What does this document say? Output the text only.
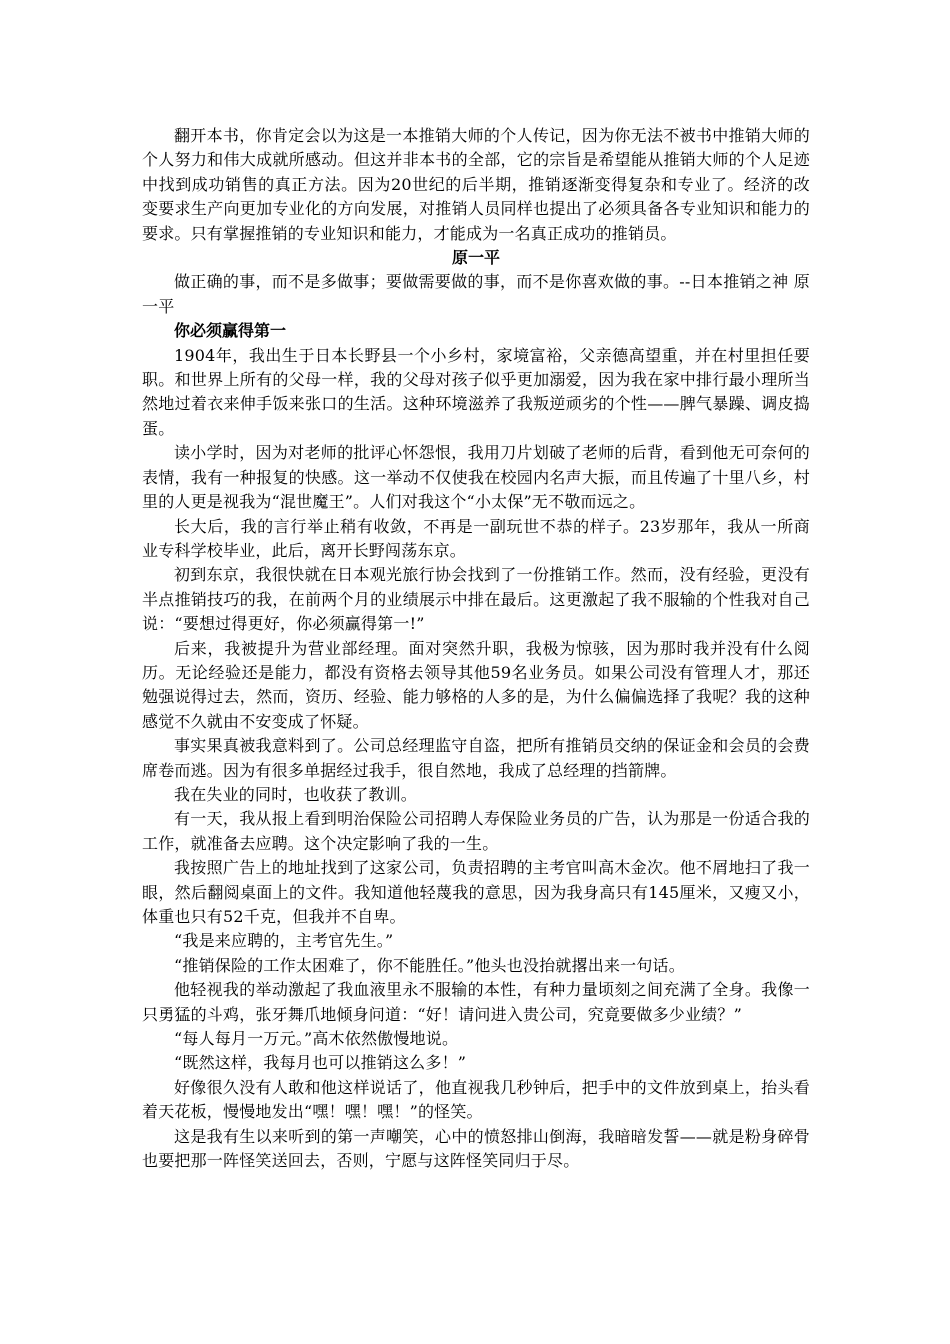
翻开本书，你肯定会以为这是一本推销大师的个人传记，因为你无法不被书中推销大师的个人努力和伟大成就所感动。但这并非本书的全部，它的宗旨是希望能从推销大师的个人足迹中找到成功销售的真正方法。因为20世纪的后半期，推销逐渐变得复杂和专业了。经济的改变要求生产向更加专业化的方向发展，对推销人员同样也提出了必须具备各专业知识和能力的要求。只有掌握推销的专业知识和能力，才能成为一名真正成功的推销员。

原一平

做正确的事，而不是多做事；要做需要做的事，而不是你喜欢做的事。--日本推销之神 原一平

你必须赢得第一

1904年，我出生于日本长野县一个小乡村，家境富裕，父亲德高望重，并在村里担任要职。和世界上所有的父母一样，我的父母对孩子似乎更加溺爱，因为我在家中排行最小理所当然地过着衣来伸手饭来张口的生活。这种环境滋养了我叛逆顽劣的个性——脾气暴躁、调皮捣蛋。

读小学时，因为对老师的批评心怀怨恨，我用刀片划破了老师的后背，看到他无可奈何的表情，我有一种报复的快感。这一举动不仅使我在校园内名声大振，而且传遍了十里八乡，村里的人更是视我为“混世魔王”。人们对我这个“小太保”无不敬而远之。

长大后，我的言行举止稍有收敛，不再是一副玩世不恭的样子。23岁那年，我从一所商业专科学校毕业，此后，离开长野闯荡东京。

初到东京，我很快就在日本观光旅行协会找到了一份推销工作。然而，没有经验，更没有半点推销技巧的我，在前两个月的业绩展示中排在最后。这更激起了我不服输的个性我对自己说：“要想过得更好，你必须赢得第一!”

后来，我被提升为营业部经理。面对突然升职，我极为惊骇，因为那时我并没有什么阅历。无论经验还是能力，都没有资格去领导其他59名业务员。如果公司没有管理人才，那还勉强说得过去，然而，资历、经验、能力够格的人多的是，为什么偏偏选择了我呢？我的这种感觉不久就由不安变成了怀疑。

事实果真被我意料到了。公司总经理监守自盗，把所有推销员交纳的保证金和会员的会费席卷而逃。因为有很多单据经过我手，很自然地，我成了总经理的挡箭牌。

我在失业的同时，也收获了教训。

有一天，我从报上看到明治保险公司招聘人寿保险业务员的广告，认为那是一份适合我的工作，就准备去应聘。这个决定影响了我的一生。

我按照广告上的地址找到了这家公司，负责招聘的主考官叫高木金次。他不屑地扫了我一眼，然后翻阅桌面上的文件。我知道他轻蔑我的意思，因为我身高只有145厘米，又瘦又小，体重也只有52千克，但我并不自卑。

“我是来应聘的，主考官先生。”

“推销保险的工作太困难了，你不能胜任。”他头也没抬就撂出来一句话。

他轻视我的举动激起了我血液里永不服输的本性，有种力量顷刻之间充满了全身。我像一只勇猛的斗鸡，张牙舞爪地倾身问道：“好！请问进入贵公司，究竟要做多少业绩？”

“每人每月一万元。”高木依然傲慢地说。

“既然这样，我每月也可以推销这么多！”

好像很久没有人敢和他这样说话了，他直视我几秒钟后，把手中的文件放到桌上，抬头看着天花板，慢慢地发出“嘿！嘿！嘿！”的怪笑。

这是我有生以来听到的第一声嘲笑，心中的愤怒排山倒海，我暗暗发誓——就是粉身碎骨也要把那一阵怪笑送回去，否则，宁愿与这阵怪笑同归于尽。
